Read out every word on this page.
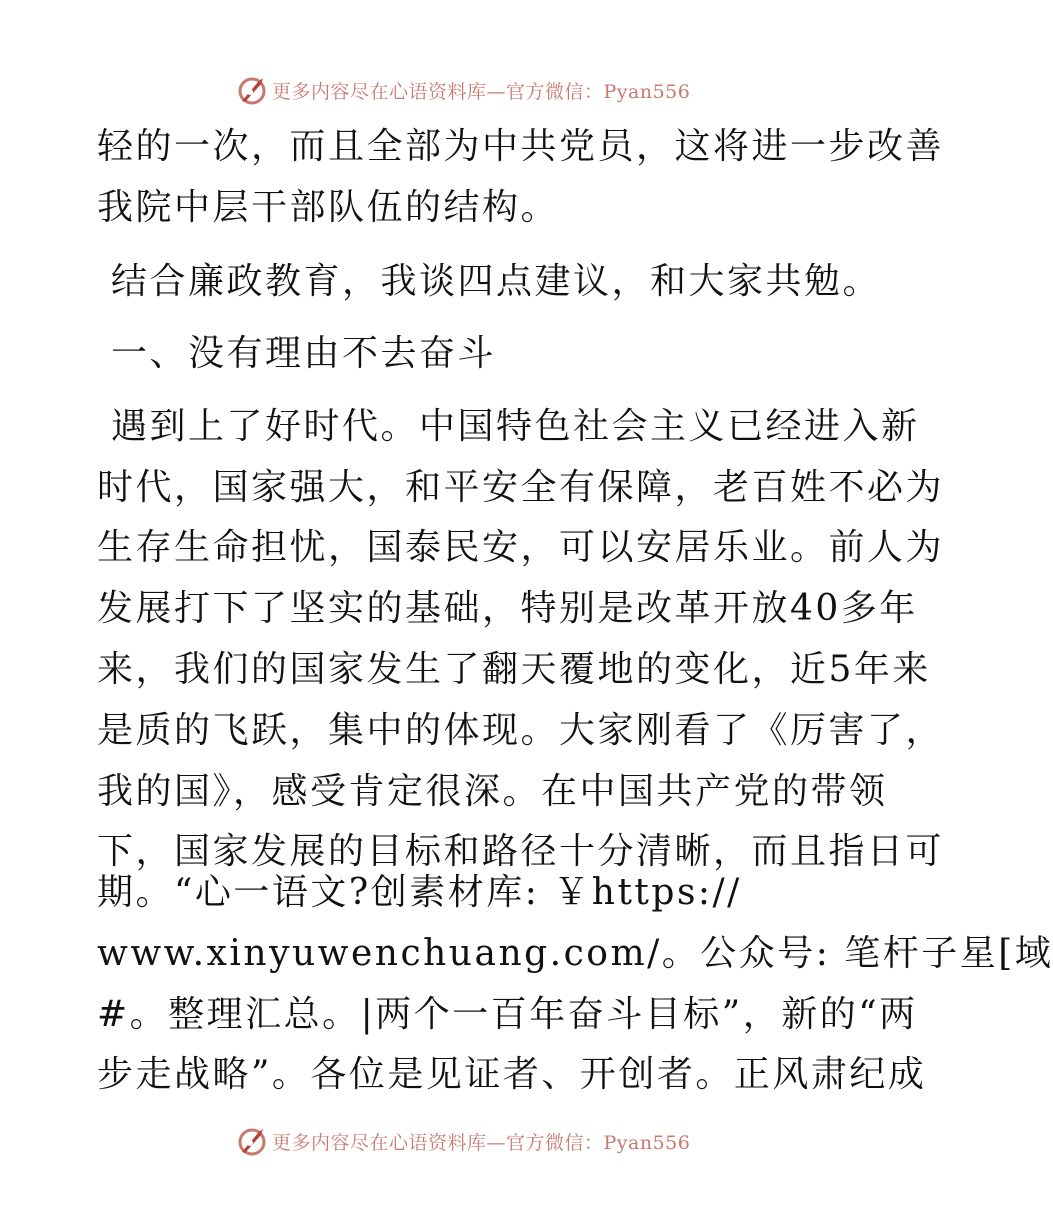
更多内容尽在心语资料库—官方微信：Pyan556
轻的一次，而且全部为中共党员，这将进一步改善
我院中层干部队伍的结构。
结合廉政教育，我谈四点建议，和大家共勉。
一、没有理由不去奋斗
遇到上了好时代。中国特色社会主义已经进入新
时代，国家强大，和平安全有保障，老百姓不必为
生存生命担忧，国泰民安，可以安居乐业。前人为
发展打下了坚实的基础，特别是改革开放40多年
来，我们的国家发生了翻天覆地的变化，近5年来
是质的飞跃，集中的体现。大家刚看了《厉害了，
我的国》，感受肯定很深。在中国共产党的带领
下，国家发展的目标和路径十分清晰，而且指日可
期。“心一语文?创素材库: ￥https://
www.xinyuwenchuang.com/。公众号: 笔杆子星[域
#。整理汇总。|两个一百年奋斗目标”，新的“两
步走战略”。各位是见证者、开创者。正风肃纪成
更多内容尽在心语资料库—官方微信：Pyan556
